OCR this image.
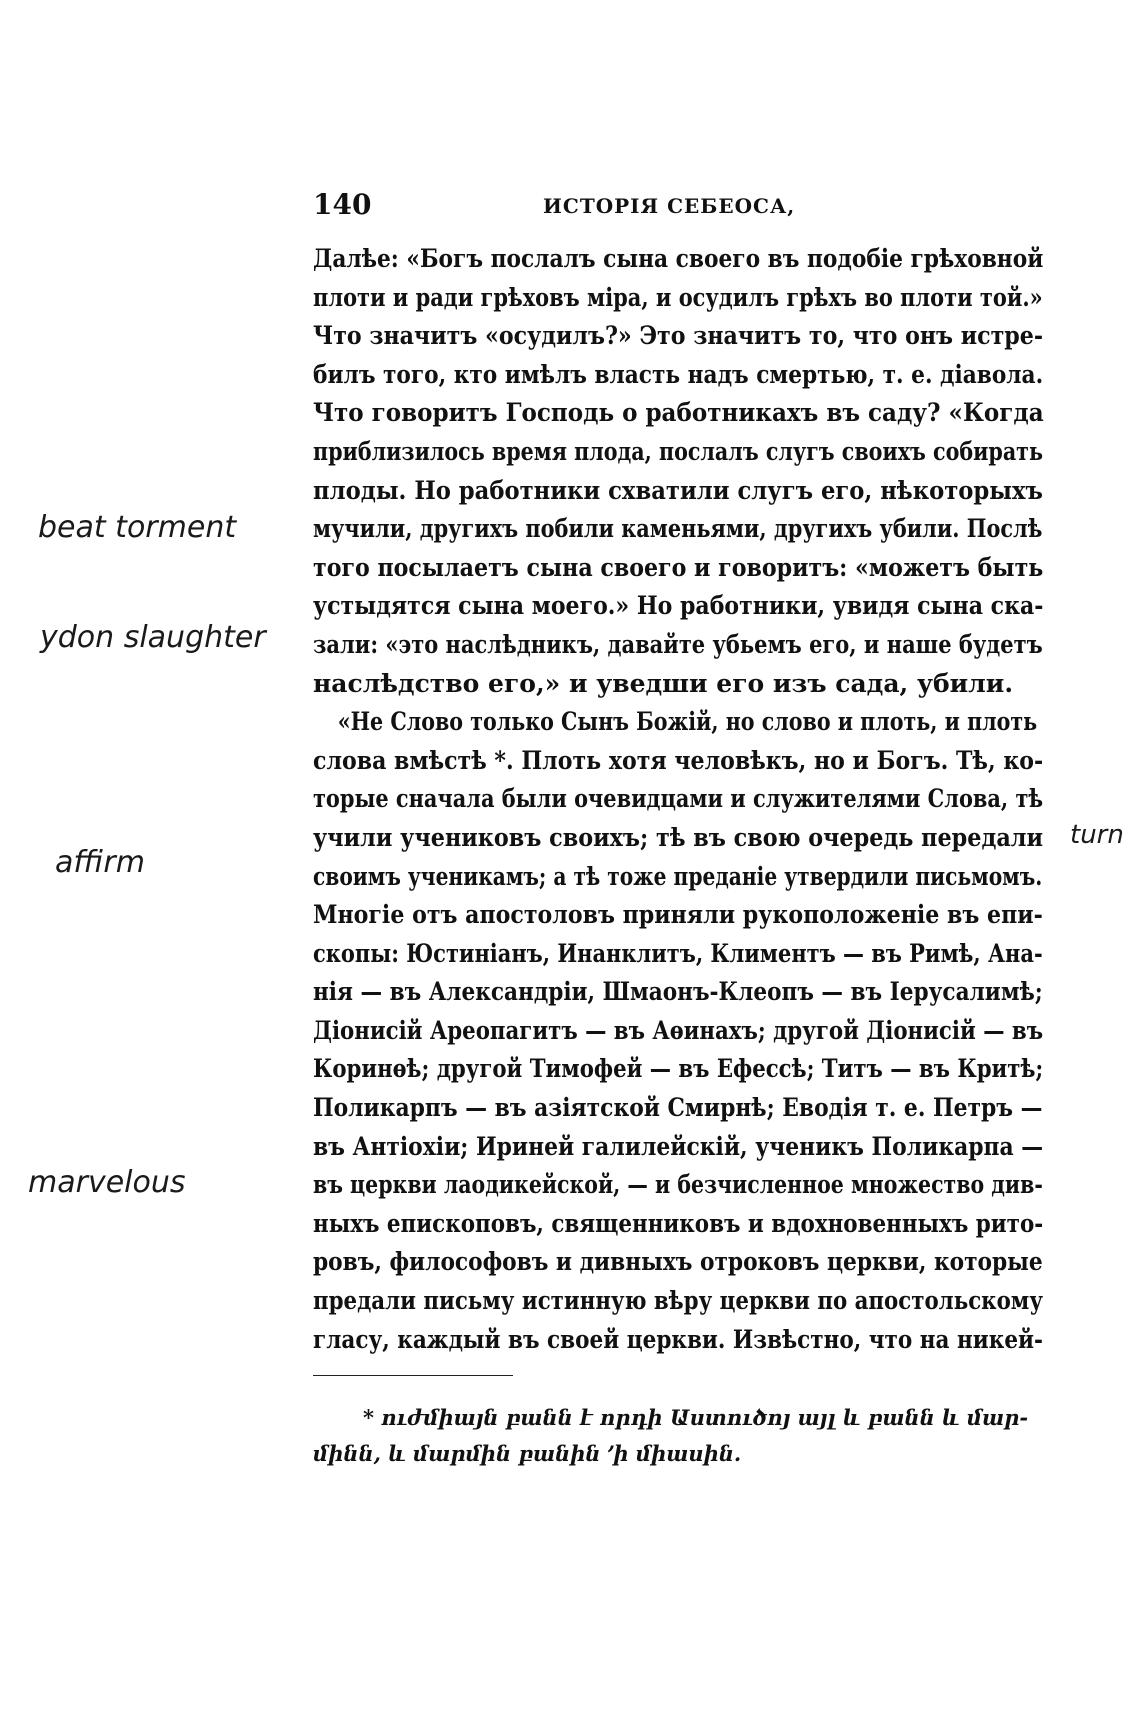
140	ИСТОРІЯ СЕБЕОСА,
Далѣе: «Богъ послалъ сына своего въ подобіе грѣховной
плоти и ради грѣховъ міра, и осудилъ грѣхъ во плоти той.»
Что значитъ «осудилъ?» Это значитъ то, что онъ истре-
билъ того, кто имѣлъ власть надъ смертью, т. е. діавола.
Что говоритъ Господь о работникахъ въ саду? «Когда
приблизилось время плода, послалъ слугъ своихъ собирать
плоды. Но работники схватили слугъ его, нѣкоторыхъ
мучили, другихъ побили каменьями, другихъ убили. Послѣ
того посылаетъ сына своего и говоритъ: «можетъ быть
устыдятся сына моего.» Но работники, увидя сына ска-
зали: «это наслѣдникъ, давайте убьемъ его, и наше будетъ
наслѣдство его,» и уведши его изъ сада, убили.
«Не Слово только Сынъ Божій, но слово и плоть, и плоть
слова вмѣстѣ *. Плоть хотя человѣкъ, но и Богъ. Тѣ, ко-
торые сначала были очевидцами и служителями Слова, тѣ
учили учениковъ своихъ; тѣ въ свою очередь передали
своимъ ученикамъ; а тѣ тоже преданіе утвердили письмомъ.
Многіе отъ апостоловъ приняли рукоположеніе въ епи-
скопы: Юстиніанъ, Инанклитъ, Климентъ — въ Римѣ, Ана-
нія — въ Александріи, Шмаонъ-Клеопъ — въ Іерусалимѣ;
Діонисій Ареопагитъ — въ Аѳинахъ; другой Діонисій — въ
Коринѳѣ; другой Тимофей — въ Ефессѣ; Титъ — въ Критѣ;
Поликарпъ — въ азіятской Смирнѣ; Еводія т. е. Петръ —
въ Антіохіи; Ириней галилейскій, ученикъ Поликарпа —
въ церкви лаодикейской, — и безчисленное множество див-
ныхъ епископовъ, священниковъ и вдохновенныхъ рито-
ровъ, философовъ и дивныхъ отроковъ церкви, которые
предали письму истинную вѣру церкви по апостольскому
гласу, каждый въ своей церкви. Извѣстно, что на никей-
* ուժմիայն բանն է որդի Աստուծոյ այլ և բանն և մար-
մինն, և մարմին բանին ՚ի միասին.
beat torment
ydon slaughter
affirm
marvelous
turn
